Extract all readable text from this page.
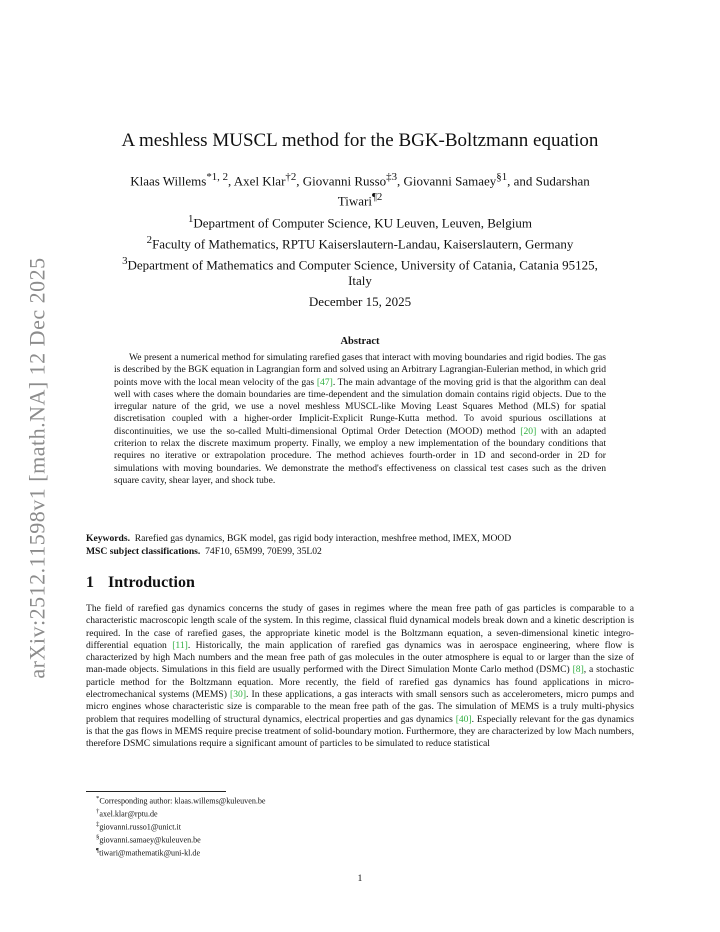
arXiv:2512.11598v1 [math.NA] 12 Dec 2025
A meshless MUSCL method for the BGK-Boltzmann equation
Klaas Willems$^{*1, 2}$, Axel Klar$^{\dagger 2}$, Giovanni Russo$^{\ddagger 3}$, Giovanni Samaey$^{\S 1}$, and Sudarshan
Tiwari$^{\P 2}$
$^1$Department of Computer Science, KU Leuven, Leuven, Belgium
$^2$Faculty of Mathematics, RPTU Kaiserslautern-Landau, Kaiserslautern, Germany
$^3$Department of Mathematics and Computer Science, University of Catania, Catania 95125,
Italy
December 15, 2025
Abstract

We present a numerical method for simulating rarefied gases that interact with moving boundaries and rigid bodies. The gas is described by the BGK equation in Lagrangian form and solved using an Arbitrary Lagrangian-Eulerian method, in which grid points move with the local mean velocity of the gas [47]. The main advantage of the moving grid is that the algorithm can deal well with cases where the domain boundaries are time-dependent and the simulation domain contains rigid objects. Due to the irregular nature of the grid, we use a novel meshless MUSCL-like Moving Least Squares Method (MLS) for spatial discretisation coupled with a higher-order Implicit-Explicit Runge-Kutta method. To avoid spurious oscillations at discontinuities, we use the so-called Multi-dimensional Optimal Order Detection (MOOD) method [20] with an adapted criterion to relax the discrete maximum property. Finally, we employ a new implementation of the boundary conditions that requires no iterative or extrapolation procedure. The method achieves fourth-order in 1D and second-order in 2D for simulations with moving boundaries. We demonstrate the method's effectiveness on classical test cases such as the driven square cavity, shear layer, and shock tube.

Keywords. Rarefied gas dynamics, BGK model, gas rigid body interaction, meshfree method, IMEX, MOOD
MSC subject classifications. 74F10, 65M99, 70E99, 35L02
1 Introduction

The field of rarefied gas dynamics concerns the study of gases in regimes where the mean free path of gas particles is comparable to a characteristic macroscopic length scale of the system. In this regime, classical fluid dynamical models break down and a kinetic description is required. In the case of rarefied gases, the appropriate kinetic model is the Boltzmann equation, a seven-dimensional kinetic integro-differential equation [11]. Historically, the main application of rarefied gas dynamics was in aerospace engineering, where flow is characterized by high Mach numbers and the mean free path of gas molecules in the outer atmosphere is equal to or larger than the size of man-made objects. Simulations in this field are usually performed with the Direct Simulation Monte Carlo method (DSMC) [8], a stochastic particle method for the Boltzmann equation. More recently, the field of rarefied gas dynamics has found applications in micro-electromechanical systems (MEMS) [30]. In these applications, a gas interacts with small sensors such as accelerometers, micro pumps and micro engines whose characteristic size is comparable to the mean free path of the gas. The simulation of MEMS is a truly multi-physics problem that requires modelling of structural dynamics, electrical properties and gas dynamics [40]. Especially relevant for the gas dynamics is that the gas flows in MEMS require precise treatment of solid-boundary motion. Furthermore, they are characterized by low Mach numbers, therefore DSMC simulations require a significant amount of particles to be simulated to reduce statistical

*Corresponding author: klaas.willems@kuleuven.be
†axel.klar@rptu.de
‡giovanni.russo1@unict.it
§giovanni.samaey@kuleuven.be
¶tiwari@mathematik@uni-kl.de
1
